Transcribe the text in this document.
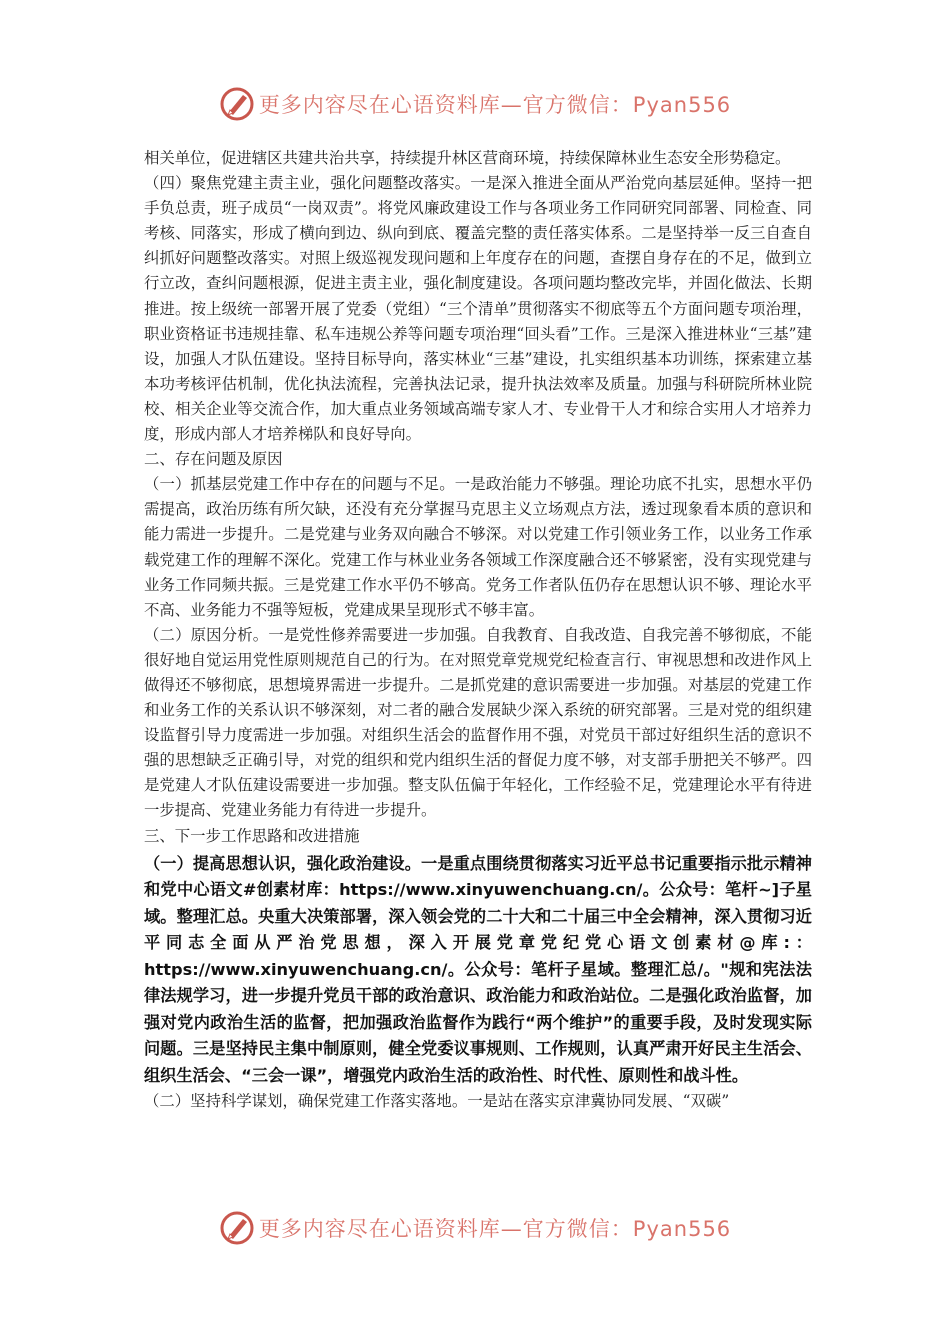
更多内容尽在心语资料库—官方微信：Pyan556

相关单位，促进辖区共建共治共享，持续提升林区营商环境，持续保障林业生态安全形势稳定。

（四）聚焦党建主责主业，强化问题整改落实。一是深入推进全面从严治党向基层延伸。坚持一把手负总责，班子成员“一岗双责”。将党风廉政建设工作与各项业务工作同研究同部署、同检查、同考核、同落实，形成了横向到边、纵向到底、覆盖完整的责任落实体系。二是坚持举一反三自查自纠抓好问题整改落实。对照上级巡视发现问题和上年度存在的问题，查摆自身存在的不足，做到立行立改，查纠问题根源，促进主责主业，强化制度建设。各项问题均整改完毕，并固化做法、长期推进。按上级统一部署开展了党委（党组）“三个清单”贯彻落实不彻底等五个方面问题专项治理，职业资格证书违规挂靠、私车违规公养等问题专项治理“回头看”工作。三是深入推进林业“三基”建设，加强人才队伍建设。坚持目标导向，落实林业“三基”建设，扎实组织基本功训练，探索建立基本功考核评估机制，优化执法流程，完善执法记录，提升执法效率及质量。加强与科研院所林业院校、相关企业等交流合作，加大重点业务领域高端专家人才、专业骨干人才和综合实用人才培养力度，形成内部人才培养梯队和良好导向。

二、存在问题及原因

（一）抓基层党建工作中存在的问题与不足。一是政治能力不够强。理论功底不扎实，思想水平仍需提高，政治历练有所欠缺，还没有充分掌握马克思主义立场观点方法，透过现象看本质的意识和能力需进一步提升。二是党建与业务双向融合不够深。对以党建工作引领业务工作，以业务工作承载党建工作的理解不深化。党建工作与林业业务各领域工作深度融合还不够紧密，没有实现党建与业务工作同频共振。三是党建工作水平仍不够高。党务工作者队伍仍存在思想认识不够、理论水平不高、业务能力不强等短板，党建成果呈现形式不够丰富。

（二）原因分析。一是党性修养需要进一步加强。自我教育、自我改造、自我完善不够彻底，不能很好地自觉运用党性原则规范自己的行为。在对照党章党规党纪检查言行、审视思想和改进作风上做得还不够彻底，思想境界需进一步提升。二是抓党建的意识需要进一步加强。对基层的党建工作和业务工作的关系认识不够深刻，对二者的融合发展缺少深入系统的研究部署。三是对党的组织建设监督引导力度需进一步加强。对组织生活会的监督作用不强，对党员干部过好组织生活的意识不强的思想缺乏正确引导，对党的组织和党内组织生活的督促力度不够，对支部手册把关不够严。四是党建人才队伍建设需要进一步加强。整支队伍偏于年轻化，工作经验不足，党建理论水平有待进一步提高、党建业务能力有待进一步提升。

三、下一步工作思路和改进措施

（一）提高思想认识，强化政治建设。一是重点围绕贯彻落实习近平总书记重要指示批示精神和党中心语文#创素材库：https://www.xinyuwenchuang.cn/。公众号：笔杆~]子星域。整理汇总。央重大决策部署，深入领会党的二十大和二十届三中全会精神，深入贯彻习近平同志全面从严治党思想，深入开展党章党纪党心语文创素材@库:：https://www.xinyuwenchuang.cn/。公众号：笔杆子星域。整理汇总/。"规和宪法法律法规学习，进一步提升党员干部的政治意识、政治能力和政治站位。二是强化政治监督，加强对党内政治生活的监督，把加强政治监督作为践行“两个维护”的重要手段，及时发现实际问题。三是坚持民主集中制原则，健全党委议事规则、工作规则，认真严肃开好民主生活会、组织生活会、“三会一课”，增强党内政治生活的政治性、时代性、原则性和战斗性。

（二）坚持科学谋划，确保党建工作落实落地。一是站在落实京津冀协同发展、“双碳”

更多内容尽在心语资料库—官方微信：Pyan556
